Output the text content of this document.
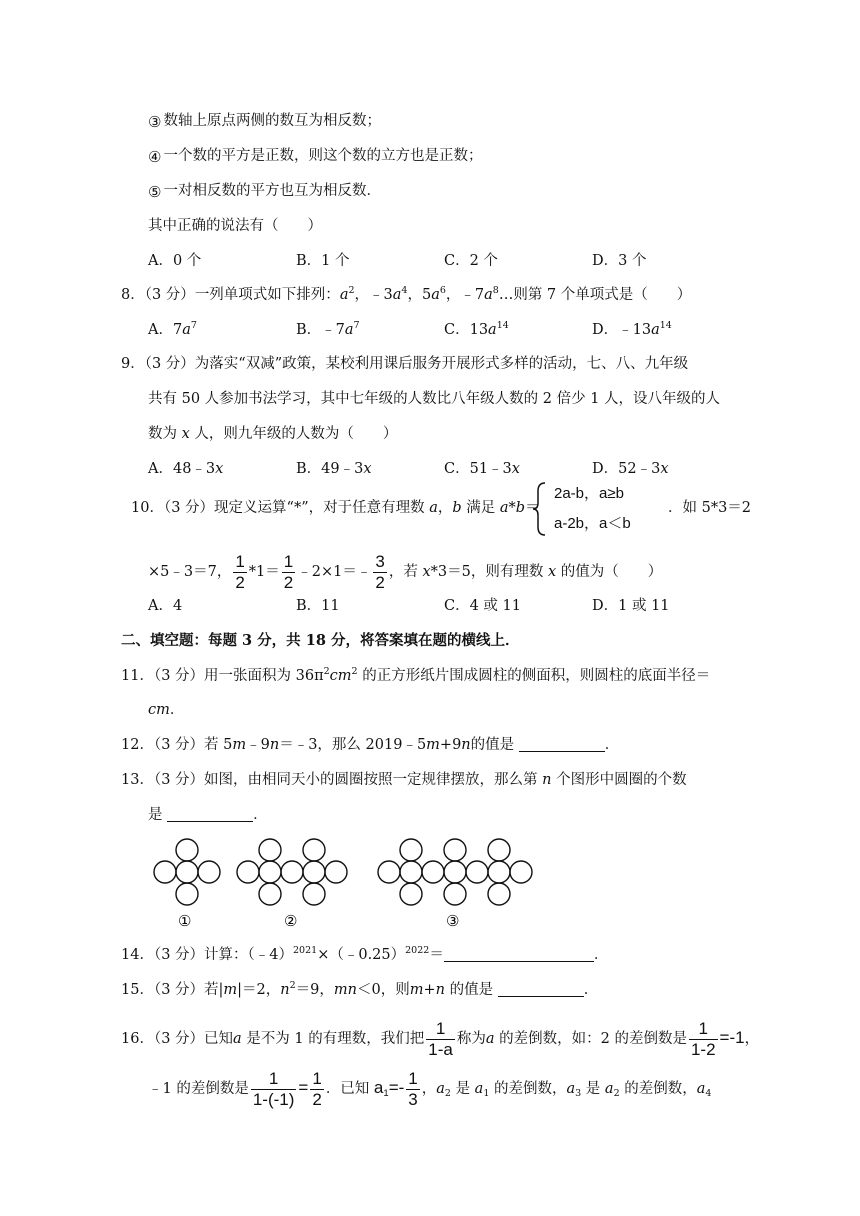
③ 数轴上原点两侧的数互为相反数；
④ 一个数的平方是正数，则这个数的立方也是正数；
⑤ 一对相反数的平方也互为相反数．
其中正确的说法有（　　）
A．0 个	B．1 个	C．2 个	D．3 个
8．（3 分）一列单项式如下排列：$a^2$，$﹣3a^4$，$5a^6$，$﹣7a^8\dots$则第 7 个单项式是（　　）
A．$7a^7$	B．$﹣7a^7$	C．$13a^{14}$	D．$﹣13a^{14}$
9．（3 分）为落实“双减”政策，某校利用课后服务开展形式多样的活动，七、八、九年级
共有 50 人参加书法学习，其中七年级的人数比八年级人数的 2 倍少 1 人，设八年级的人
数为 x 人，则九年级的人数为（　　）
A．48﹣3x	B．49﹣3x	C．51﹣3x	D．52﹣3x
10．（3 分）现定义运算“*”，对于任意有理数 a，b 满足 a*b＝
2a-b，a≥b
a-2b，a＜b
．如 5*3＝2
×5﹣3＝7， $\frac{1}{2} *1= \frac{1}{2}$ ﹣2×1＝﹣ $\frac{3}{2}$ ，若 x*3＝5，则有理数 x 的值为（　　）
A．4	B．11	C．4 或 11	D．1 或 11
二、填空题：每题 3 分，共 18 分，将答案填在题的横线上．
11．（3 分）用一张面积为 $36\pi^2cm^2$ 的正方形纸片围成圆柱的侧面积，则圆柱的底面半径＝
cm．
12．（3 分）若 5m﹣9n＝﹣3，那么 2019﹣5m+9n的值是	．
13．（3 分）如图，由相同天小的圆圈按照一定规律摆放，那么第 n 个图形中圆圈的个数
是	．
①	②	③
14．（3 分）计算：（﹣4）$^{2021}$×（﹣0.25）$^{2022}$＝	．
15．（3 分）若|m|＝2，$n^2=9$，mn＜0，则m+n 的值是	．
16．（3 分）已知a 是不为 1 的有理数，我们把 $\frac{1}{1-a}$ 称为a 的差倒数，如：2 的差倒数是 $\frac{1}{1-2} =-1$，
﹣1 的差倒数是 $\frac{1}{1-(-1)} = \frac{1}{2}$ ．已知 $a_1=- \frac{1}{3}$ ，$a_2$ 是 $a_1$ 的差倒数，$a_3$ 是 $a_2$ 的差倒数，$a_4$
